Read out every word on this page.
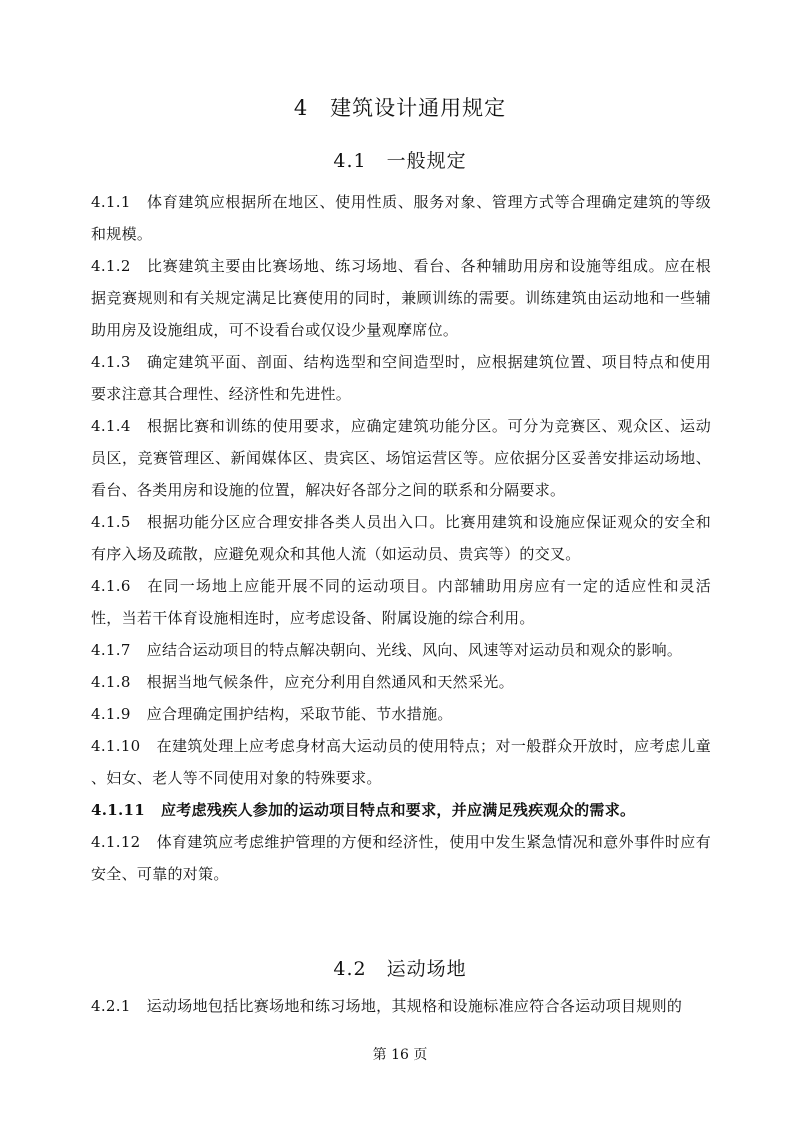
4　建筑设计通用规定
4.1　一般规定
4.1.1 体育建筑应根据所在地区、使用性质、服务对象、管理方式等合理确定建筑的等级和规模。
4.1.2 比赛建筑主要由比赛场地、练习场地、看台、各种辅助用房和设施等组成。应在根据竞赛规则和有关规定满足比赛使用的同时，兼顾训练的需要。训练建筑由运动地和一些辅助用房及设施组成，可不设看台或仅设少量观摩席位。
4.1.3 确定建筑平面、剖面、结构选型和空间造型时，应根据建筑位置、项目特点和使用要求注意其合理性、经济性和先进性。
4.1.4 根据比赛和训练的使用要求，应确定建筑功能分区。可分为竞赛区、观众区、运动员区，竞赛管理区、新闻媒体区、贵宾区、场馆运营区等。应依据分区妥善安排运动场地、看台、各类用房和设施的位置，解决好各部分之间的联系和分隔要求。
4.1.5 根据功能分区应合理安排各类人员出入口。比赛用建筑和设施应保证观众的安全和有序入场及疏散，应避免观众和其他人流（如运动员、贵宾等）的交叉。
4.1.6 在同一场地上应能开展不同的运动项目。内部辅助用房应有一定的适应性和灵活性，当若干体育设施相连时，应考虑设备、附属设施的综合利用。
4.1.7 应结合运动项目的特点解决朝向、光线、风向、风速等对运动员和观众的影响。
4.1.8 根据当地气候条件，应充分利用自然通风和天然采光。
4.1.9 应合理确定围护结构，采取节能、节水措施。
4.1.10 在建筑处理上应考虑身材高大运动员的使用特点；对一般群众开放时，应考虑儿童 、妇女、老人等不同使用对象的特殊要求。
4.1.11 应考虑残疾人参加的运动项目特点和要求，并应满足残疾观众的需求。
4.1.12 体育建筑应考虑维护管理的方便和经济性，使用中发生紧急情况和意外事件时应有安全、可靠的对策。
4.2　运动场地
4.2.1 运动场地包括比赛场地和练习场地，其规格和设施标准应符合各运动项目规则的
第 16 页
